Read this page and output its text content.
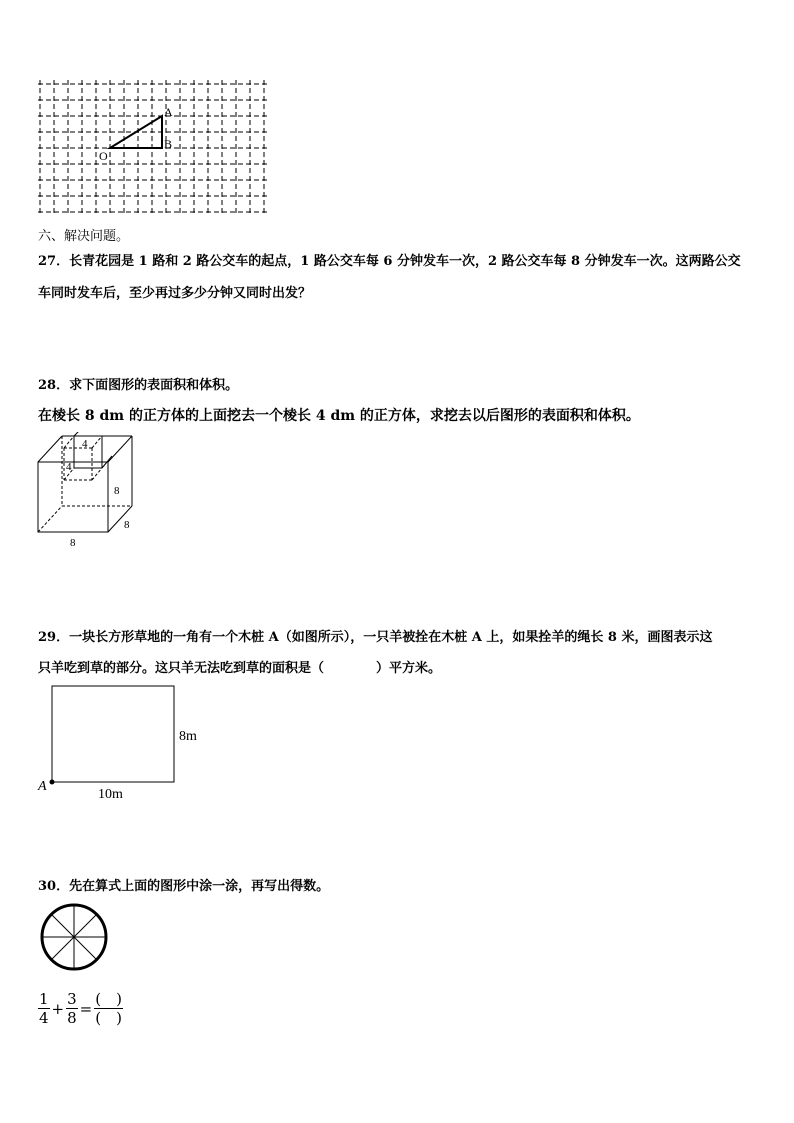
A
B
O
六、解决问题。
27．长青花园是 1 路和 2 路公交车的起点，1 路公交车每 6 分钟发车一次，2 路公交车每 8 分钟发车一次。这两路公交
车同时发车后，至少再过多少分钟又同时出发？
28．求下面图形的表面积和体积。
在棱长 8 dm 的正方体的上面挖去一个棱长 4 dm 的正方体，求挖去以后图形的表面积和体积。
4
4
8
8
8
29．一块长方形草地的一角有一个木桩 A（如图所示），一只羊被拴在木桩 A 上，如果拴羊的绳长 8 米，画图表示这
只羊吃到草的部分。这只羊无法吃到草的面积是（　　　　）平方米。
8m
10m
A
30．先在算式上面的图形中涂一涂，再写出得数。
$\frac{1}{4} + \frac{3}{8} = \frac{( )}{( )}$
